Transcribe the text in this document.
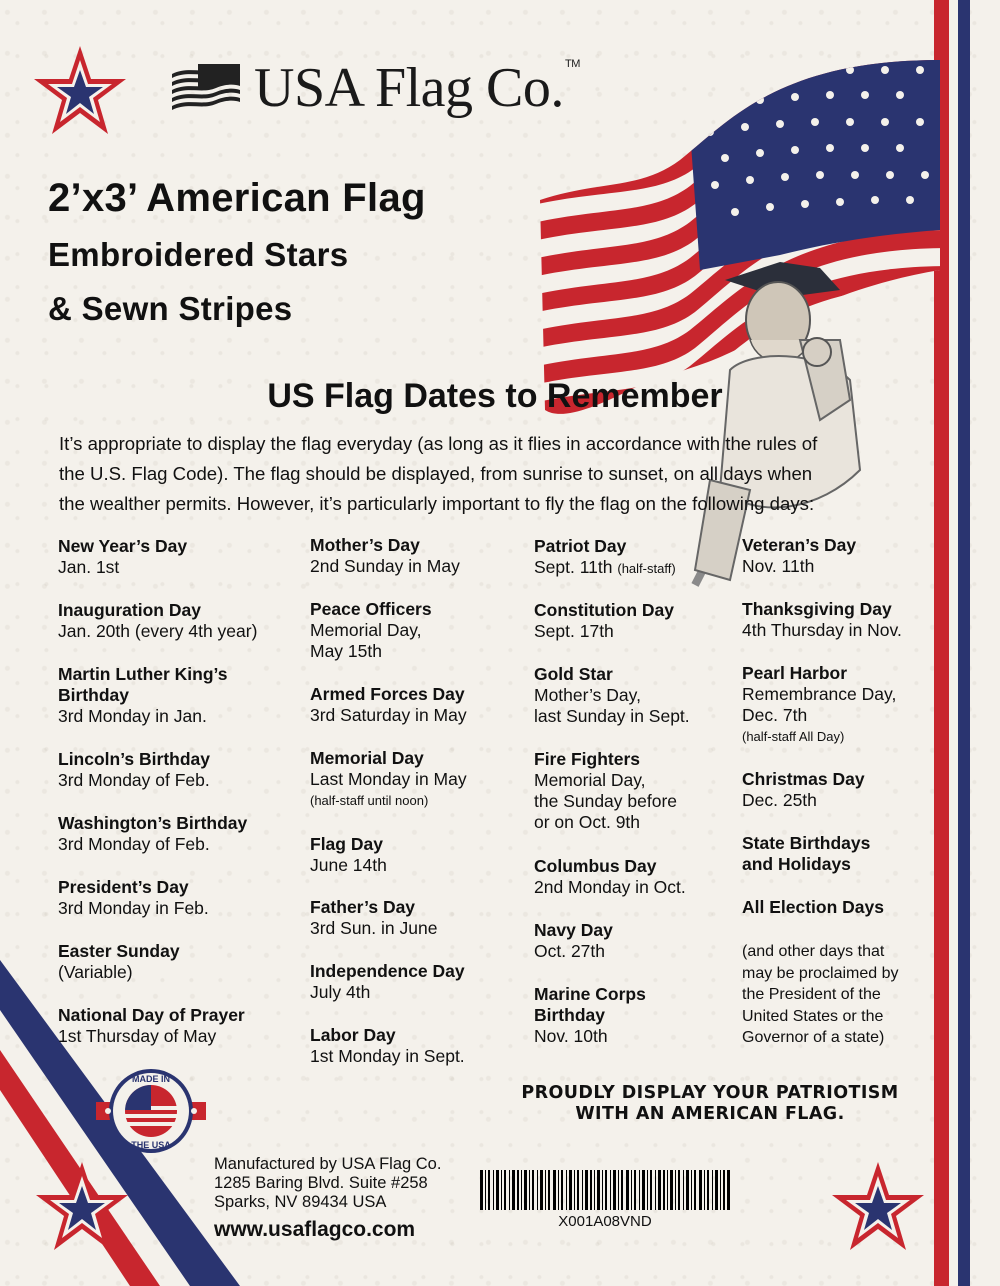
USA Flag Co. TM
2’x3’ American Flag
Embroidered Stars
& Sewn Stripes
US Flag Dates to Remember
It’s appropriate to display the flag everyday (as long as it flies in accordance with the rules of
the U.S. Flag Code). The flag should be displayed, from sunrise to sunset, on all days when
the wealther permits. However, it’s particularly important to fly the flag on the following days:
New Year’s Day
Jan. 1st
Inauguration Day
Jan. 20th (every 4th year)
Martin Luther King’s
Birthday
3rd Monday in Jan.
Lincoln’s Birthday
3rd Monday of Feb.
Washington’s Birthday
3rd Monday of Feb.
President’s Day
3rd Monday in Feb.
Easter Sunday
(Variable)
National Day of Prayer
1st Thursday of May
Mother’s Day
2nd Sunday in May
Peace Officers
Memorial Day,
May 15th
Armed Forces Day
3rd Saturday in May
Memorial Day
Last Monday in May
(half-staff until noon)
Flag Day
June 14th
Father’s Day
3rd Sun. in June
Independence Day
July 4th
Labor Day
1st Monday in Sept.
Patriot Day
Sept. 11th (half-staff)
Constitution Day
Sept. 17th
Gold Star
Mother’s Day,
last Sunday in Sept.
Fire Fighters
Memorial Day,
the Sunday before
or on Oct. 9th
Columbus Day
2nd Monday in Oct.
Navy Day
Oct. 27th
Marine Corps
Birthday
Nov. 10th
Veteran’s Day
Nov. 11th
Thanksgiving Day
4th Thursday in Nov.
Pearl Harbor
Remembrance Day,
Dec. 7th
(half-staff All Day)
Christmas Day
Dec. 25th
State Birthdays
and Holidays
All Election Days
(and other days that
may be proclaimed by
the President of the
United States or the
Governor of a state)
PROUDLY DISPLAY YOUR PATRIOTISM
WITH AN AMERICAN FLAG.
MADE IN
THE USA
Manufactured by USA Flag Co.
1285 Baring Blvd. Suite #258
Sparks, NV 89434 USA
www.usaflagco.com	X001A08VND
